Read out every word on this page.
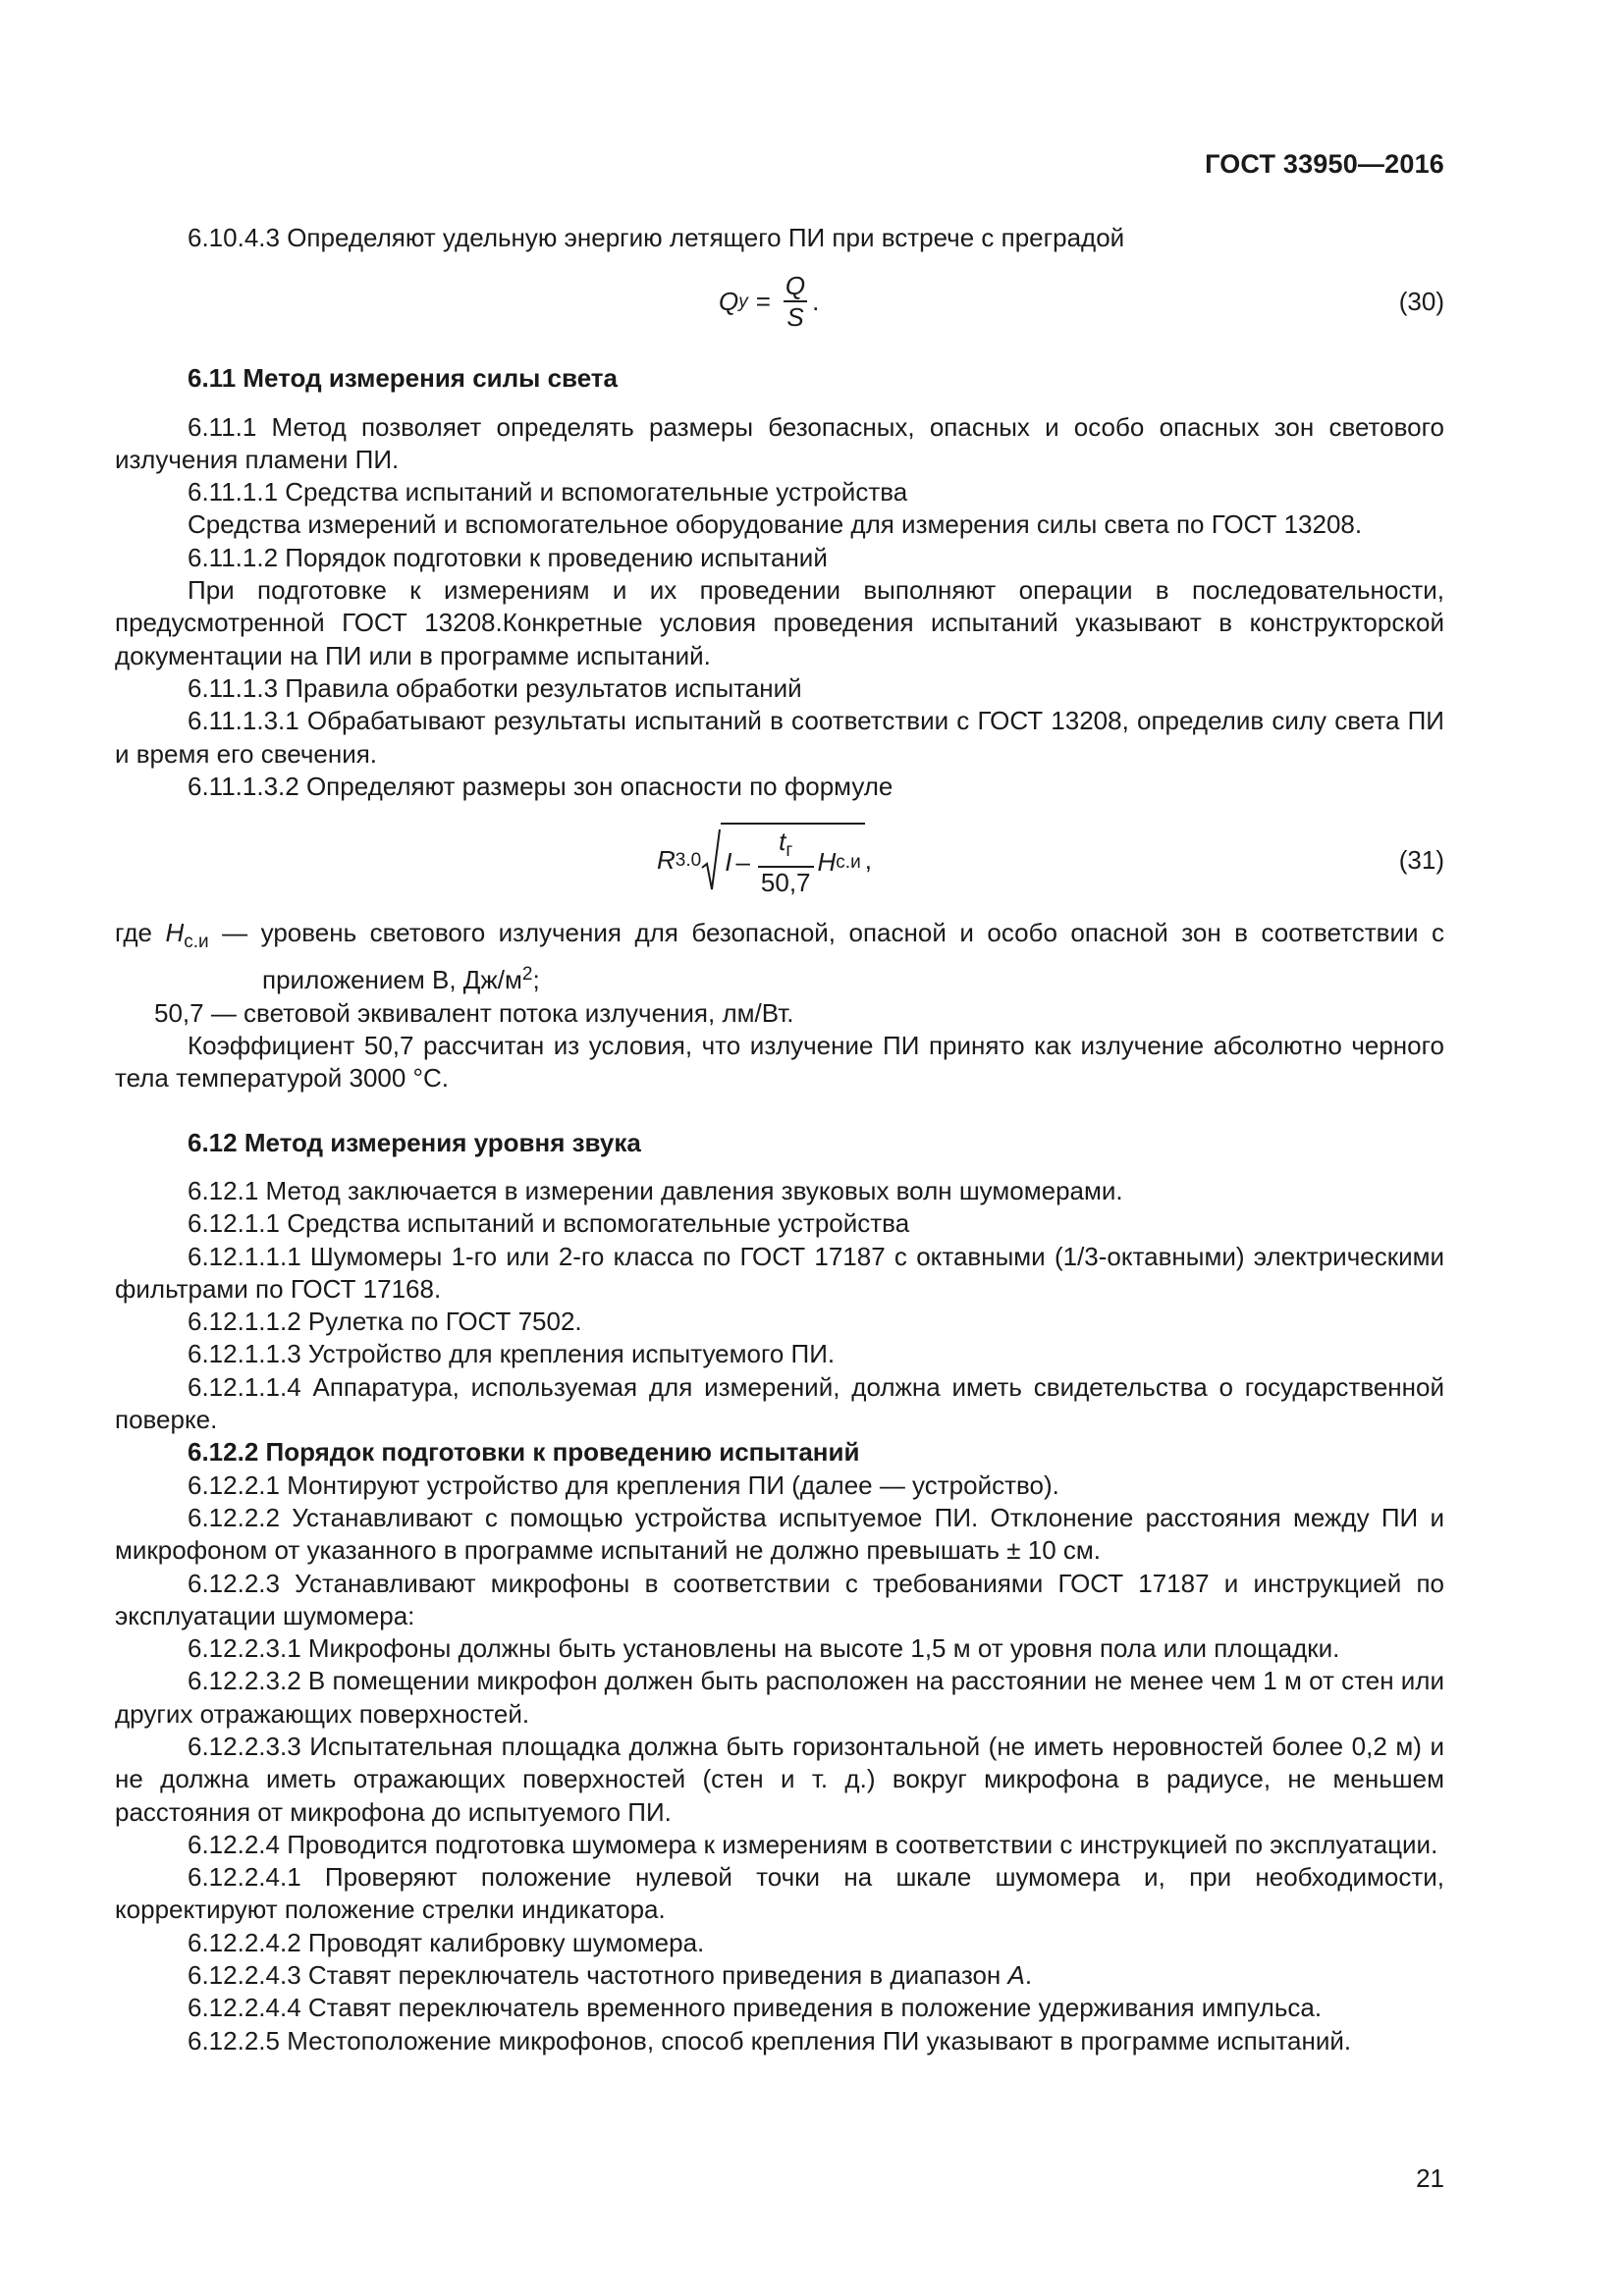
ГОСТ 33950—2016

6.10.4.3 Определяют удельную энергию летящего ПИ при встрече с преградой

Q $y = \frac{Q}{S}$ .	(30)

6.11 Метод измерения силы света

6.11.1 Метод позволяет определять размеры безопасных, опасных и особо опасных зон светового излучения пламени ПИ.

6.11.1.1 Средства испытаний и вспомогательные устройства

Средства измерений и вспомогательное оборудование для измерения силы света по ГОСТ 13208.

6.11.1.2 Порядок подготовки к проведению испытаний

При подготовке к измерениям и их проведении выполняют операции в последовательности, предусмотренной ГОСТ 13208.Конкретные условия проведения испытаний указывают в конструкторской документации на ПИ или в программе испытаний.

6.11.1.3 Правила обработки результатов испытаний

6.11.1.3.1 Обрабатывают результаты испытаний в соответствии с ГОСТ 13208, определив силу света ПИ и время его свечения.

6.11.1.3.2 Определяют размеры зон опасности по формуле

R 3.0 I – $\frac{t_г}{50,7}$ H с.и ,	(31)

где $H_{с.и}$ — уровень светового излучения для безопасной, опасной и особо опасной зон в соответствии с приложением В, $Дж/м^2$;

50,7 — световой эквивалент потока излучения, лм/Вт.

Коэффициент 50,7 рассчитан из условия, что излучение ПИ принято как излучение абсолютно черного тела температурой 3000 °С.

6.12 Метод измерения уровня звука

6.12.1 Метод заключается в измерении давления звуковых волн шумомерами.

6.12.1.1 Средства испытаний и вспомогательные устройства

6.12.1.1.1 Шумомеры 1-го или 2-го класса по ГОСТ 17187 с октавными (1/3-октавными) электрическими фильтрами по ГОСТ 17168.

6.12.1.1.2 Рулетка по ГОСТ 7502.

6.12.1.1.3 Устройство для крепления испытуемого ПИ.

6.12.1.1.4 Аппаратура, используемая для измерений, должна иметь свидетельства о государственной поверке.

6.12.2 Порядок подготовки к проведению испытаний

6.12.2.1 Монтируют устройство для крепления ПИ (далее — устройство).

6.12.2.2 Устанавливают с помощью устройства испытуемое ПИ. Отклонение расстояния между ПИ и микрофоном от указанного в программе испытаний не должно превышать ± 10 см.

6.12.2.3 Устанавливают микрофоны в соответствии с требованиями ГОСТ 17187 и инструкцией по эксплуатации шумомера:

6.12.2.3.1 Микрофоны должны быть установлены на высоте 1,5 м от уровня пола или площадки.

6.12.2.3.2 В помещении микрофон должен быть расположен на расстоянии не менее чем 1 м от стен или других отражающих поверхностей.

6.12.2.3.3 Испытательная площадка должна быть горизонтальной (не иметь неровностей более 0,2 м) и не должна иметь отражающих поверхностей (стен и т. д.) вокруг микрофона в радиусе, не меньшем расстояния от микрофона до испытуемого ПИ.

6.12.2.4 Проводится подготовка шумомера к измерениям в соответствии с инструкцией по эксплуатации.

6.12.2.4.1 Проверяют положение нулевой точки на шкале шумомера и, при необходимости, корректируют положение стрелки индикатора.

6.12.2.4.2 Проводят калибровку шумомера.

6.12.2.4.3 Ставят переключатель частотного приведения в диапазон А.

6.12.2.4.4 Ставят переключатель временного приведения в положение удерживания импульса.

6.12.2.5 Местоположение микрофонов, способ крепления ПИ указывают в программе испытаний.

21
